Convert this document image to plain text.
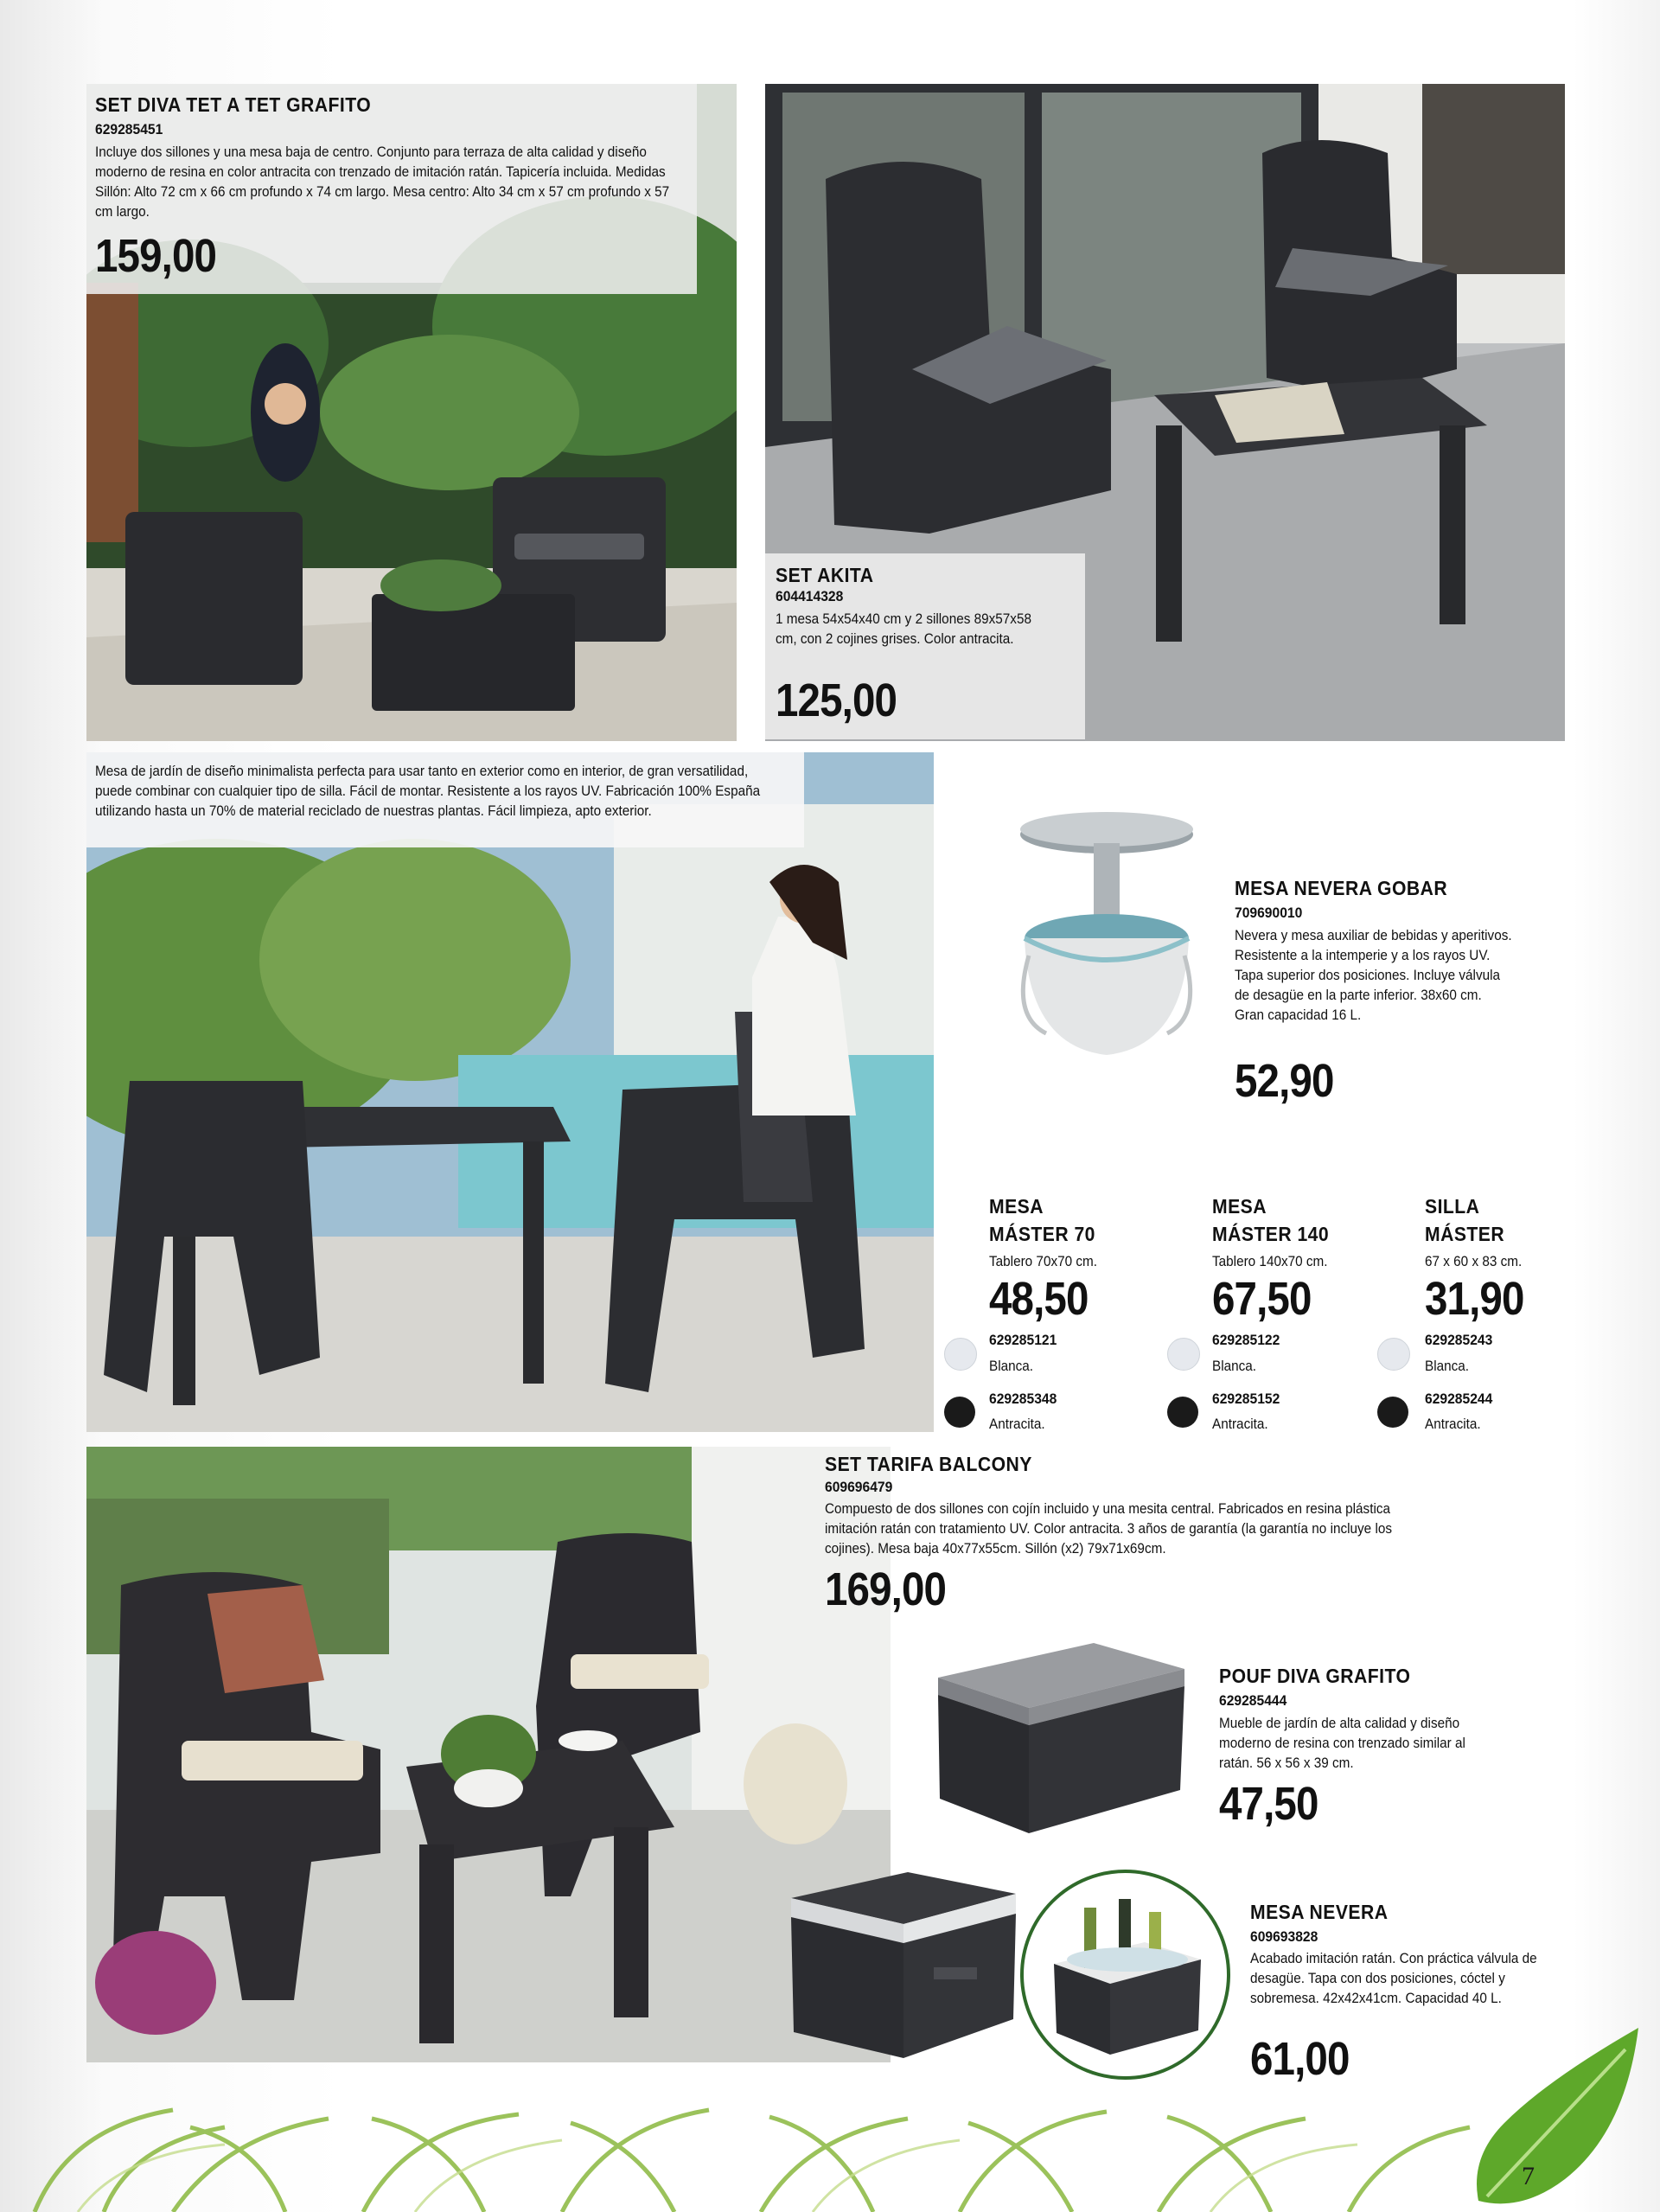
SET DIVA TET A TET GRAFITO
629285451
Incluye dos sillones y una mesa baja de centro. Conjunto para terraza de alta calidad y diseño moderno de resina en color antracita con trenzado de imitación ratán. Tapicería incluida. Medidas Sillón: Alto 72 cm x 66 cm profundo x 74 cm largo. Mesa centro: Alto 34 cm x 57 cm profundo x 57 cm largo.
159,00
SET AKITA
604414328
1 mesa 54x54x40 cm y 2 sillones 89x57x58 cm, con 2 cojines grises. Color antracita.
125,00
Mesa de jardín de diseño minimalista perfecta para usar tanto en exterior como en interior, de gran versatilidad, puede combinar con cualquier tipo de silla. Fácil de montar. Resistente a los rayos UV. Fabricación 100% España utilizando hasta un 70% de material reciclado de nuestras plantas. Fácil limpieza, apto exterior.
MESA NEVERA GOBAR
709690010
Nevera y mesa auxiliar de bebidas y aperitivos. Resistente a la intemperie y a los rayos UV. Tapa superior dos posiciones. Incluye válvula de desagüe en la parte inferior. 38x60 cm. Gran capacidad 16 L.
52,90
MESA
MÁSTER 70
Tablero 70x70 cm.
48,50
629285121
Blanca.
629285348
Antracita.
MESA
MÁSTER 140
Tablero 140x70 cm.
67,50
629285122
Blanca.
629285152
Antracita.
SILLA
MÁSTER
67 x 60 x 83 cm.
31,90
629285243
Blanca.
629285244
Antracita.
SET TARIFA BALCONY
609696479
Compuesto de dos sillones con cojín incluido y una mesita central. Fabricados en resina plástica imitación ratán con tratamiento UV. Color antracita. 3 años de garantía (la garantía no incluye los cojines). Mesa baja 40x77x55cm. Sillón (x2) 79x71x69cm.
169,00
POUF DIVA GRAFITO
629285444
Mueble de jardín de alta calidad y diseño moderno de resina con trenzado similar al ratán. 56 x 56 x 39 cm.
47,50
MESA NEVERA
609693828
Acabado imitación ratán. Con práctica válvula de desagüe. Tapa con dos posiciones, cóctel y sobremesa. 42x42x41cm. Capacidad 40 L.
61,00
7
